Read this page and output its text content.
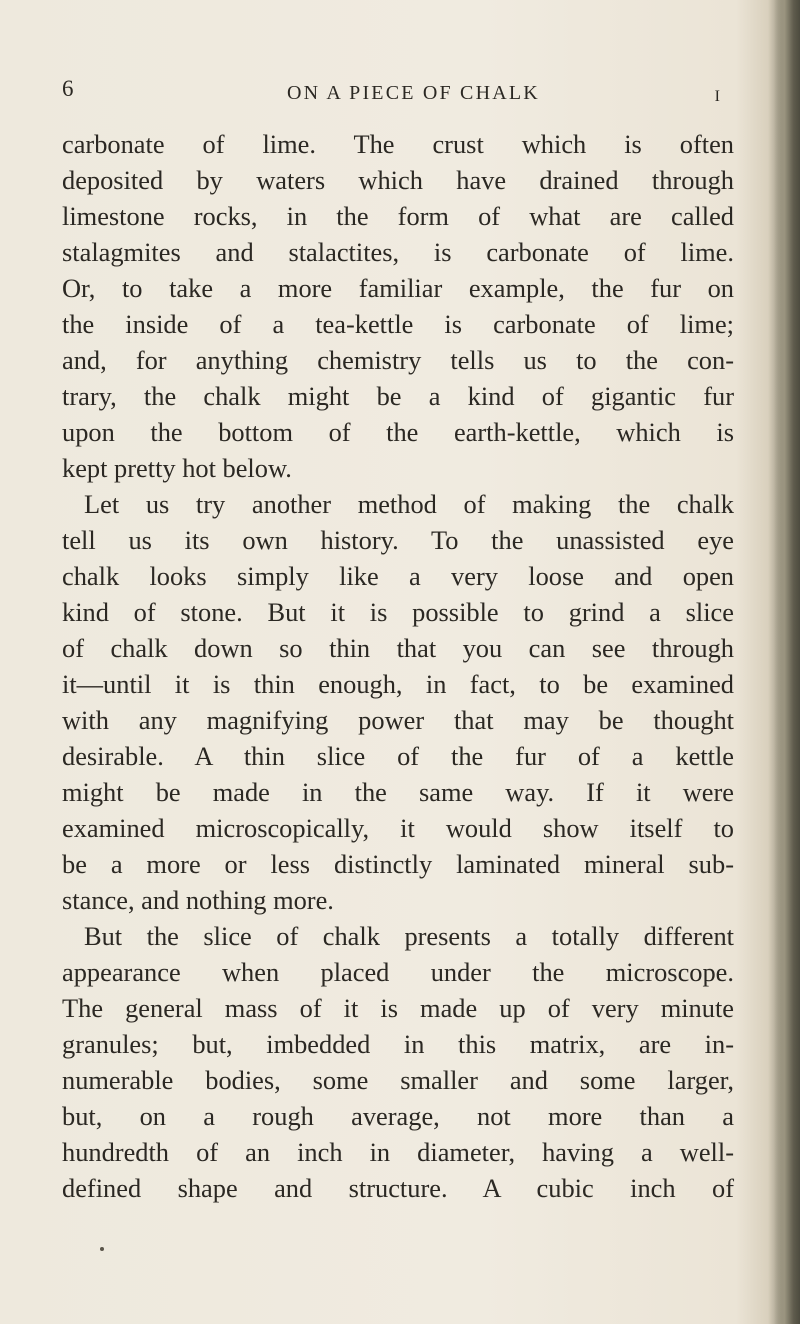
6	ON A PIECE OF CHALK	I
carbonate of lime. The crust which is often
deposited by waters which have drained through
limestone rocks, in the form of what are called
stalagmites and stalactites, is carbonate of lime.
Or, to take a more familiar example, the fur on
the inside of a tea-kettle is carbonate of lime;
and, for anything chemistry tells us to the con-
trary, the chalk might be a kind of gigantic fur
upon the bottom of the earth-kettle, which is
kept pretty hot below.
Let us try another method of making the chalk
tell us its own history. To the unassisted eye
chalk looks simply like a very loose and open
kind of stone. But it is possible to grind a slice
of chalk down so thin that you can see through
it—until it is thin enough, in fact, to be examined
with any magnifying power that may be thought
desirable. A thin slice of the fur of a kettle
might be made in the same way. If it were
examined microscopically, it would show itself to
be a more or less distinctly laminated mineral sub-
stance, and nothing more.
But the slice of chalk presents a totally different
appearance when placed under the microscope.
The general mass of it is made up of very minute
granules; but, imbedded in this matrix, are in-
numerable bodies, some smaller and some larger,
but, on a rough average, not more than a
hundredth of an inch in diameter, having a well-
defined shape and structure. A cubic inch of
